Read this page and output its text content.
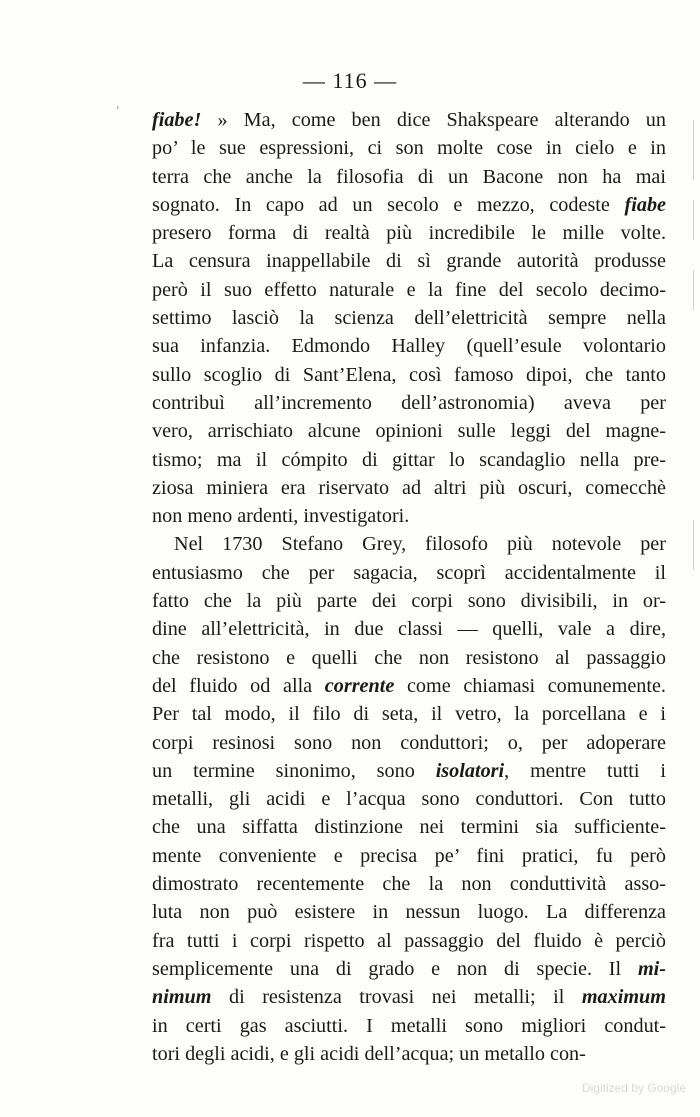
′
— 116 —
fiabe! » Ma, come ben dice Shakspeare alterando un
po’ le sue espressioni, ci son molte cose in cielo e in
terra che anche la filosofia di un Bacone non ha mai
sognato. In capo ad un secolo e mezzo, codeste fiabe
presero forma di realtà più incredibile le mille volte.
La censura inappellabile di sì grande autorità produsse
però il suo effetto naturale e la fine del secolo decimo-
settimo lasciò la scienza dell’elettricità sempre nella
sua infanzia. Edmondo Halley (quell’esule volontario
sullo scoglio di Sant’Elena, così famoso dipoi, che tanto
contribuì all’incremento dell’astronomia) aveva per
vero, arrischiato alcune opinioni sulle leggi del magne-
tismo; ma il cómpito di gittar lo scandaglio nella pre-
ziosa miniera era riservato ad altri più oscuri, comecchè
non meno ardenti, investigatori.
Nel 1730 Stefano Grey, filosofo più notevole per
entusiasmo che per sagacia, scoprì accidentalmente il
fatto che la più parte dei corpi sono divisibili, in or-
dine all’elettricità, in due classi — quelli, vale a dire,
che resistono e quelli che non resistono al passaggio
del fluido od alla corrente come chiamasi comunemente.
Per tal modo, il filo di seta, il vetro, la porcellana e i
corpi resinosi sono non conduttori; o, per adoperare
un termine sinonimo, sono isolatori, mentre tutti i
metalli, gli acidi e l’acqua sono conduttori. Con tutto
che una siffatta distinzione nei termini sia sufficiente-
mente conveniente e precisa pe’ fini pratici, fu però
dimostrato recentemente che la non conduttività asso-
luta non può esistere in nessun luogo. La differenza
fra tutti i corpi rispetto al passaggio del fluido è perciò
semplicemente una di grado e non di specie. Il mi-
nimum di resistenza trovasi nei metalli; il maximum
in certi gas asciutti. I metalli sono migliori condut-
tori degli acidi, e gli acidi dell’acqua; un metallo con-
Digitized by Google
